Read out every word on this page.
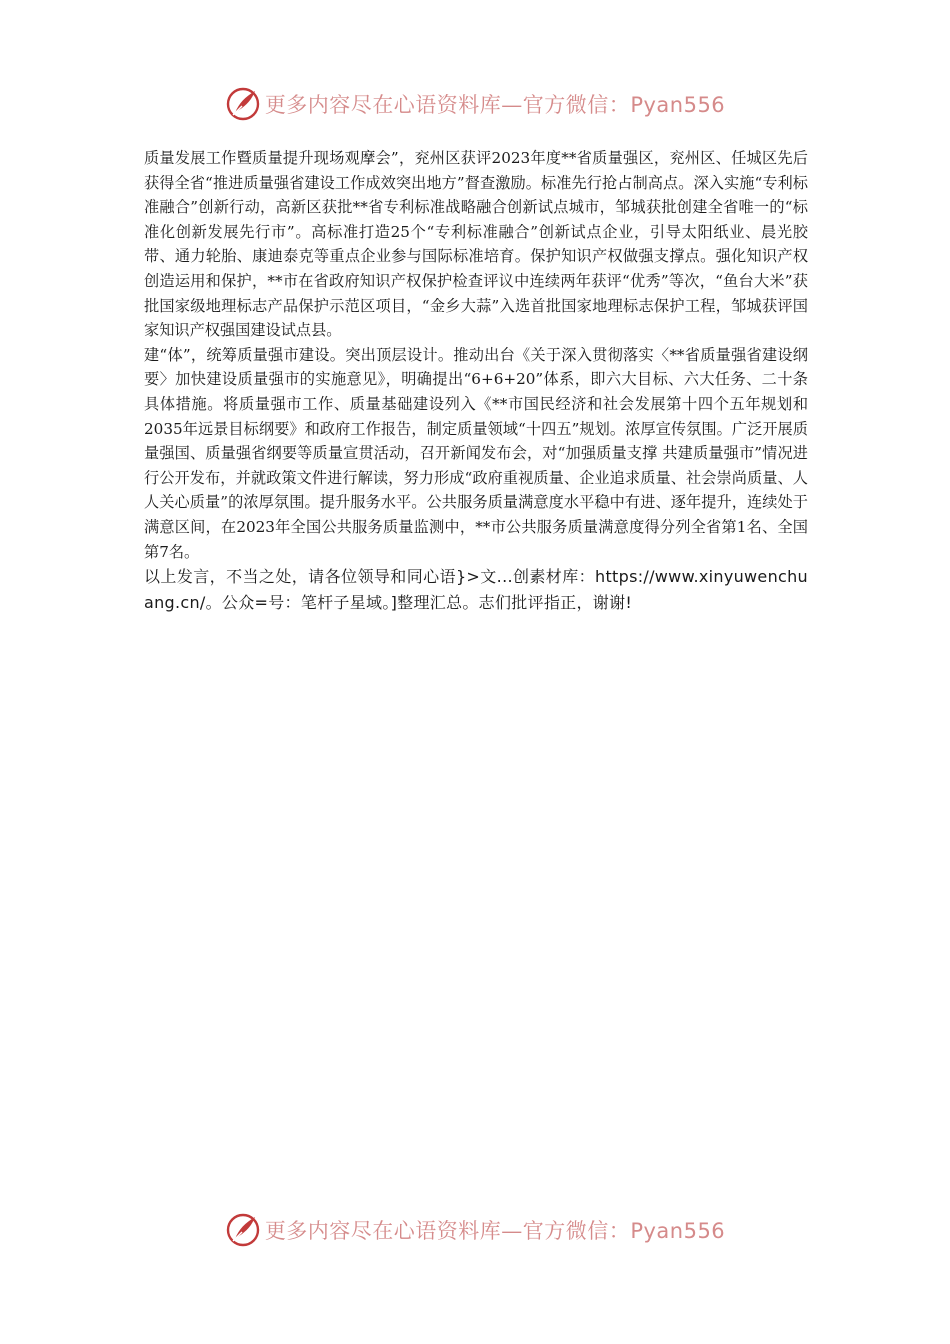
更多内容尽在心语资料库—官方微信：Pyan556

质量发展工作暨质量提升现场观摩会”，兖州区获评2023年度**省质量强区，兖州区、任城区先后获得全省“推进质量强省建设工作成效突出地方”督查激励。标准先行抢占制高点。深入实施“专利标准融合”创新行动，高新区获批**省专利标准战略融合创新试点城市，邹城获批创建全省唯一的“标准化创新发展先行市”。高标准打造25个“专利标准融合”创新试点企业，引导太阳纸业、晨光胶带、通力轮胎、康迪泰克等重点企业参与国际标准培育。保护知识产权做强支撑点。强化知识产权创造运用和保护，**市在省政府知识产权保护检查评议中连续两年获评“优秀”等次，“鱼台大米”获批国家级地理标志产品保护示范区项目，“金乡大蒜”入选首批国家地理标志保护工程，邹城获评国家知识产权强国建设试点县。

建“体”，统筹质量强市建设。突出顶层设计。推动出台《关于深入贯彻落实〈**省质量强省建设纲要〉加快建设质量强市的实施意见》，明确提出“6+6+20”体系，即六大目标、六大任务、二十条具体措施。将质量强市工作、质量基础建设列入《**市国民经济和社会发展第十四个五年规划和2035年远景目标纲要》和政府工作报告，制定质量领域“十四五”规划。浓厚宣传氛围。广泛开展质量强国、质量强省纲要等质量宣贯活动，召开新闻发布会，对“加强质量支撑 共建质量强市”情况进行公开发布，并就政策文件进行解读，努力形成“政府重视质量、企业追求质量、社会崇尚质量、人人关心质量”的浓厚氛围。提升服务水平。公共服务质量满意度水平稳中有进、逐年提升，连续处于满意区间，在2023年全国公共服务质量监测中，**市公共服务质量满意度得分列全省第1名、全国第7名。

以上发言，不当之处，请各位领导和同心语}>文...创素材库：https://www.xinyuwenchuang.cn/。公众=号：笔杆子星域。]整理汇总。志们批评指正，谢谢!

更多内容尽在心语资料库—官方微信：Pyan556
